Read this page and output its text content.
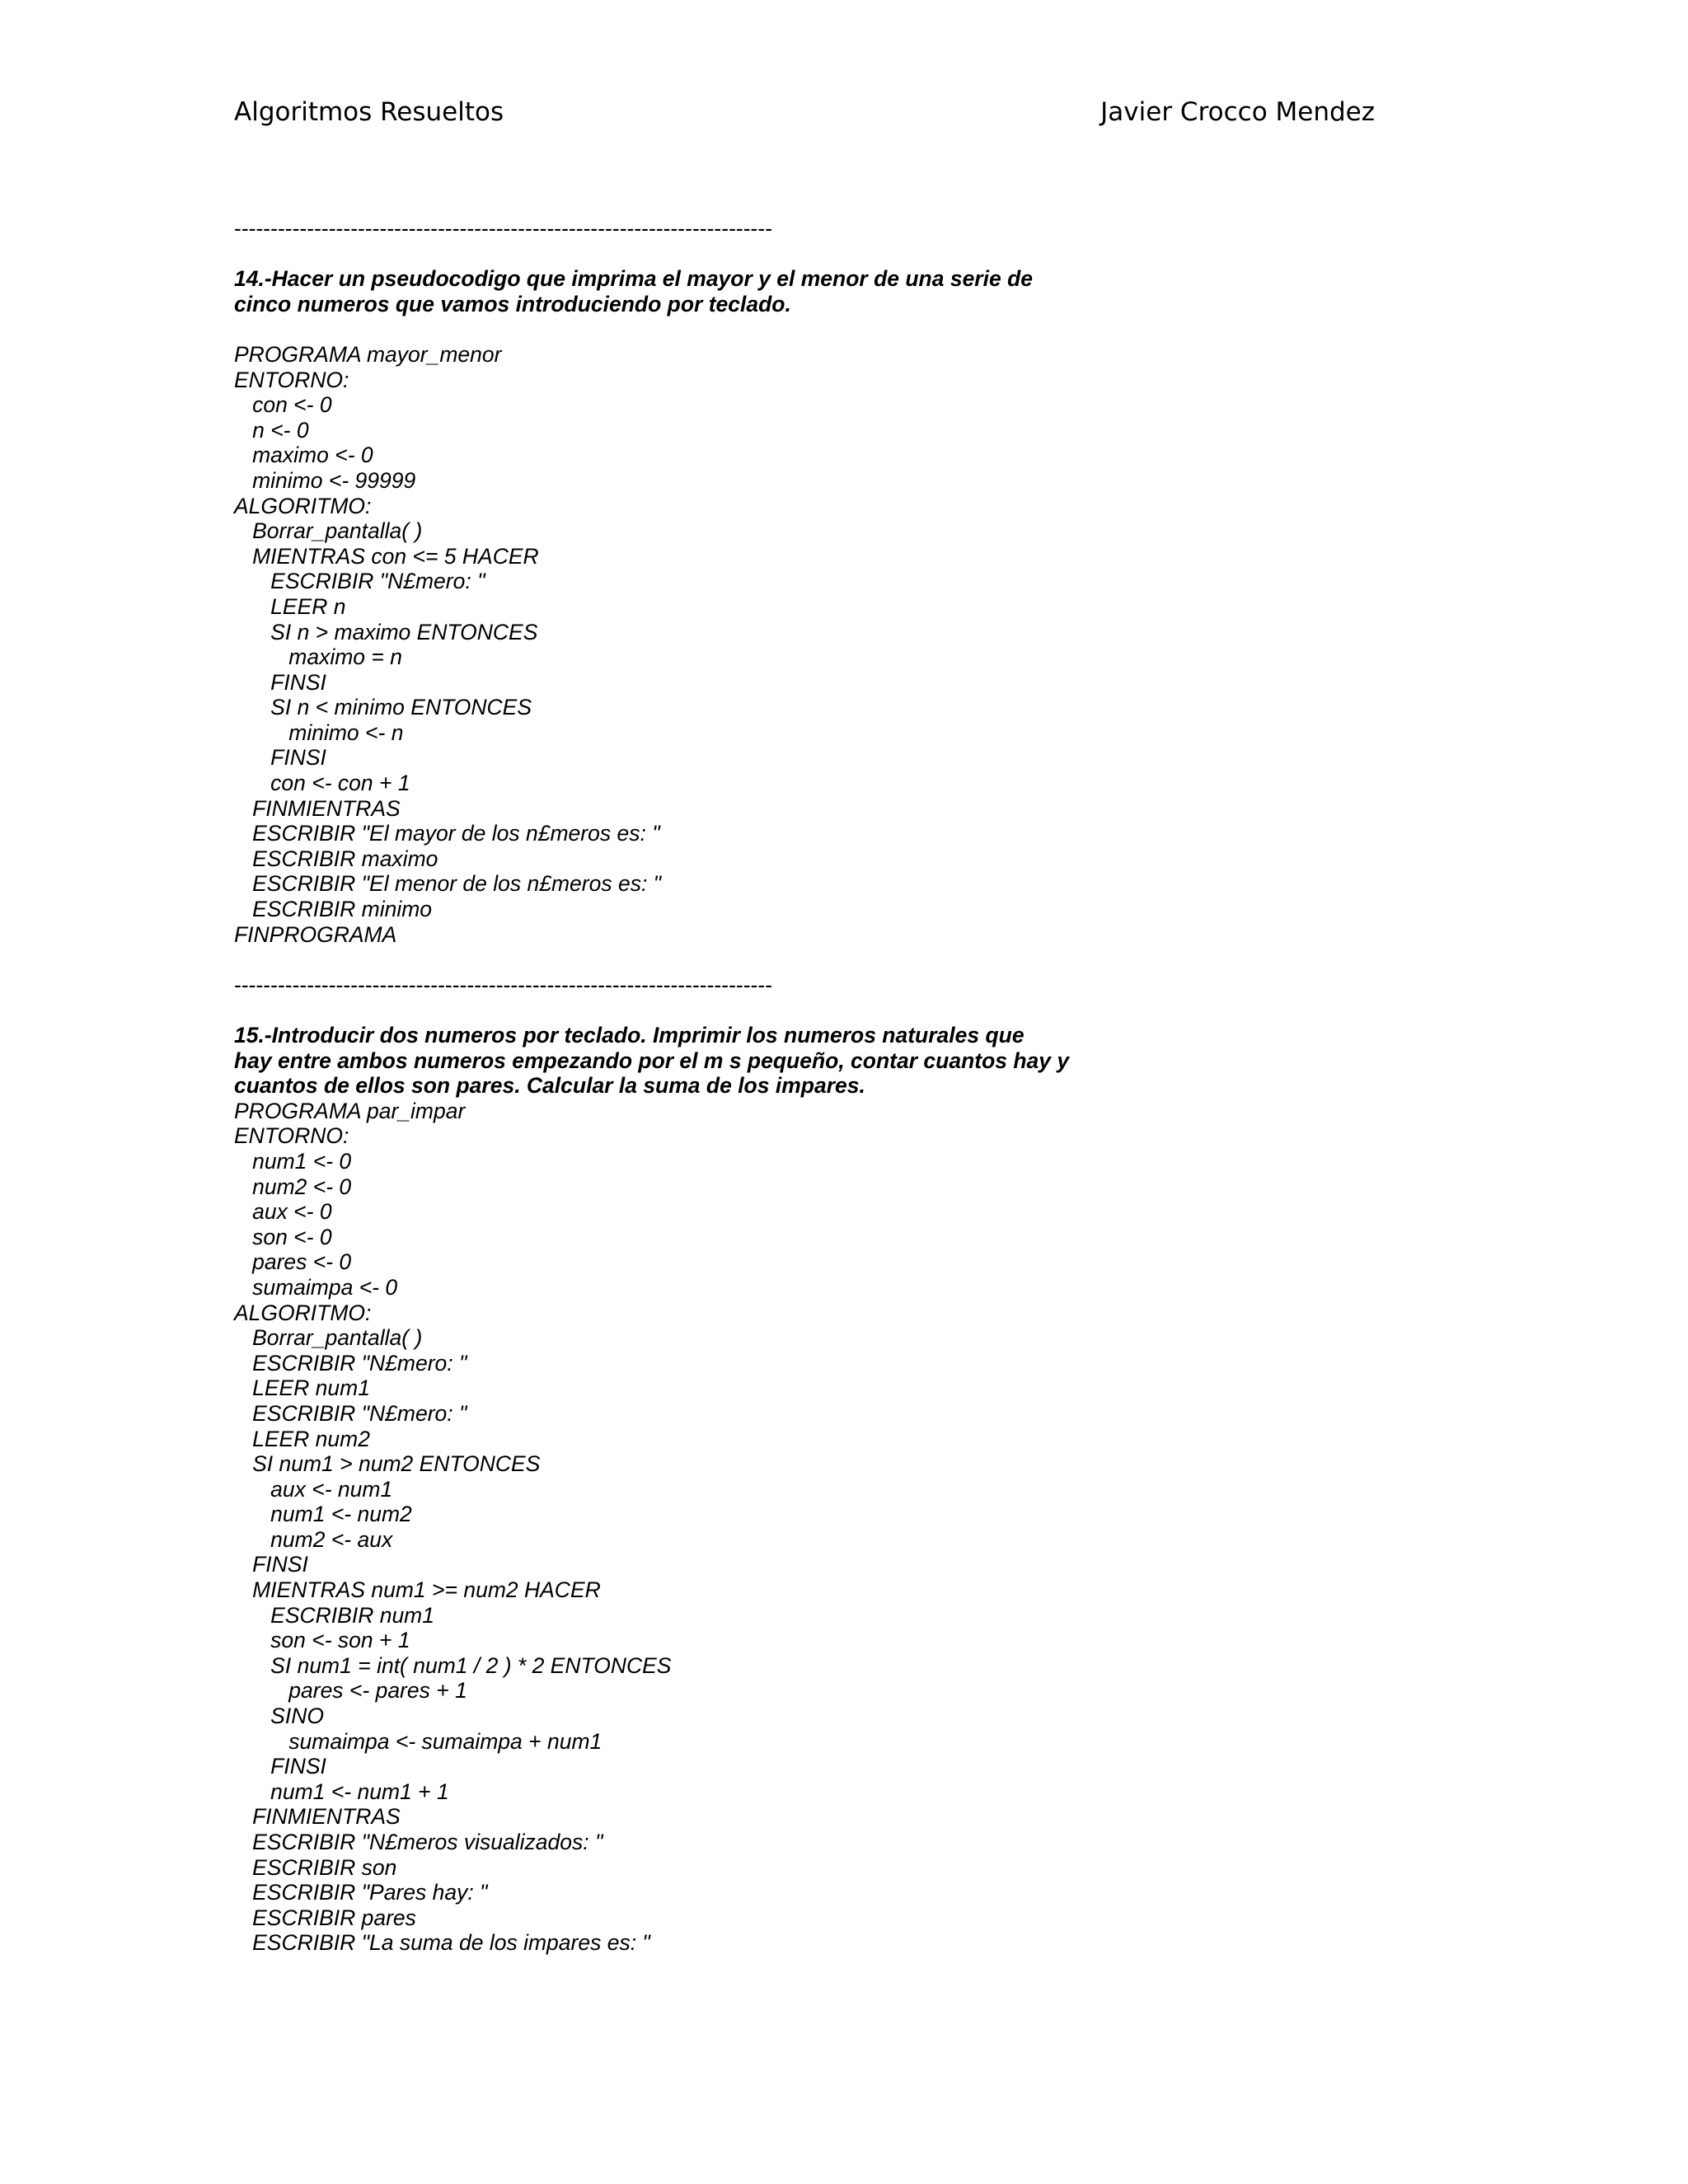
Algoritmos Resueltos	Javier Crocco Mendez
--------------------------------------------------------------------------
14.-Hacer un pseudocodigo que imprima el mayor y el menor de una serie de
cinco numeros que vamos introduciendo por teclado.
PROGRAMA mayor_menor
ENTORNO:
con <- 0
n <- 0
maximo <- 0
minimo <- 99999
ALGORITMO:
Borrar_pantalla( )
MIENTRAS con <= 5 HACER
ESCRIBIR "N£mero: "
LEER n
SI n > maximo ENTONCES
maximo = n
FINSI
SI n < minimo ENTONCES
minimo <- n
FINSI
con <- con + 1
FINMIENTRAS
ESCRIBIR "El mayor de los n£meros es: "
ESCRIBIR maximo
ESCRIBIR "El menor de los n£meros es: "
ESCRIBIR minimo
FINPROGRAMA
--------------------------------------------------------------------------
15.-Introducir dos numeros por teclado. Imprimir los numeros naturales que
hay entre ambos numeros empezando por el m s pequeño, contar cuantos hay y
cuantos de ellos son pares. Calcular la suma de los impares.
PROGRAMA par_impar
ENTORNO:
num1 <- 0
num2 <- 0
aux <- 0
son <- 0
pares <- 0
sumaimpa <- 0
ALGORITMO:
Borrar_pantalla( )
ESCRIBIR "N£mero: "
LEER num1
ESCRIBIR "N£mero: "
LEER num2
SI num1 > num2 ENTONCES
aux <- num1
num1 <- num2
num2 <- aux
FINSI
MIENTRAS num1 >= num2 HACER
ESCRIBIR num1
son <- son + 1
SI num1 = int( num1 / 2 ) * 2 ENTONCES
pares <- pares + 1
SINO
sumaimpa <- sumaimpa + num1
FINSI
num1 <- num1 + 1
FINMIENTRAS
ESCRIBIR "N£meros visualizados: "
ESCRIBIR son
ESCRIBIR "Pares hay: "
ESCRIBIR pares
ESCRIBIR "La suma de los impares es: "
